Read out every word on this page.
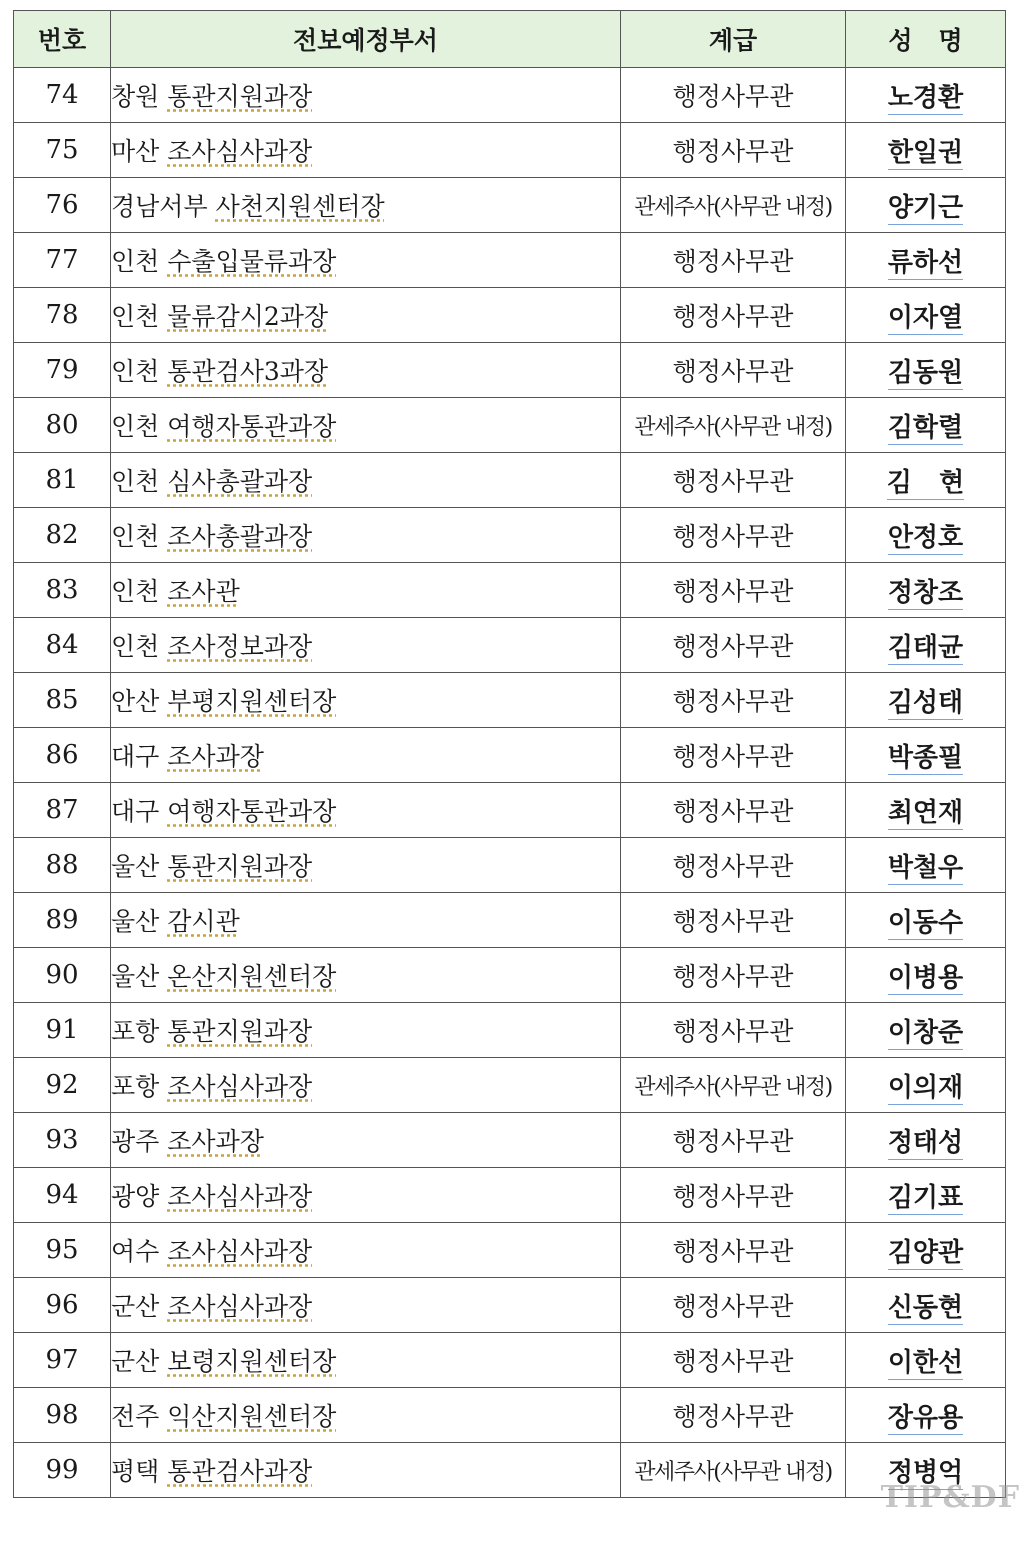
번호	전보예정부서	계급	성명
74	창원 통관지원과장	행정사무관	노경환
75	마산 조사심사과장	행정사무관	한일권
76	경남서부 사천지원센터장	관세주사(사무관 내정)	양기근
77	인천 수출입물류과장	행정사무관	류하선
78	인천 물류감시2과장	행정사무관	이자열
79	인천 통관검사3과장	행정사무관	김동원
80	인천 여행자통관과장	관세주사(사무관 내정)	김학렬
81	인천 심사총괄과장	행정사무관	김   현
82	인천 조사총괄과장	행정사무관	안정호
83	인천 조사관	행정사무관	정창조
84	인천 조사정보과장	행정사무관	김태균
85	안산 부평지원센터장	행정사무관	김성태
86	대구 조사과장	행정사무관	박종필
87	대구 여행자통관과장	행정사무관	최연재
88	울산 통관지원과장	행정사무관	박철우
89	울산 감시관	행정사무관	이동수
90	울산 온산지원센터장	행정사무관	이병용
91	포항 통관지원과장	행정사무관	이창준
92	포항 조사심사과장	관세주사(사무관 내정)	이의재
93	광주 조사과장	행정사무관	정태성
94	광양 조사심사과장	행정사무관	김기표
95	여수 조사심사과장	행정사무관	김양관
96	군산 조사심사과장	행정사무관	신동현
97	군산 보령지원센터장	행정사무관	이한선
98	전주 익산지원센터장	행정사무관	장유용
99	평택 통관검사과장	관세주사(사무관 내정)	정병억
TIP&DF
